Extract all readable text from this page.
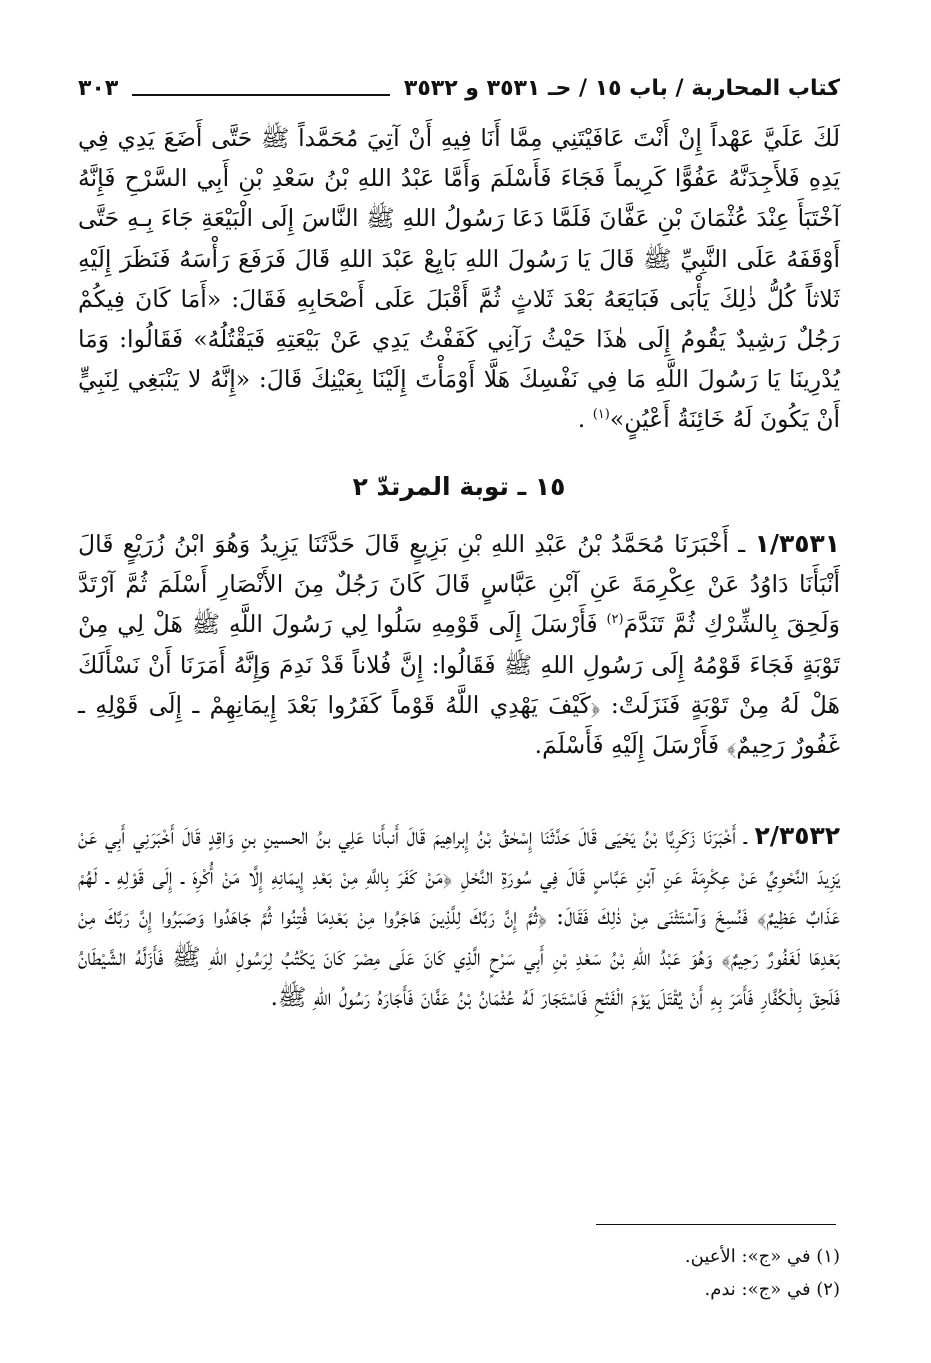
كتاب المحاربة / باب ١٥ / حـ ٣٥٣١ و ٣٥٣٢
٣٠٣

لَكَ عَلَيَّ عَهْداً إِنْ أَنْتَ عَافَيْتَنِي مِمَّا أَنَا فِيهِ أَنْ آتِيَ مُحَمَّداً ﷺ حَتَّى أَضَعَ يَدِي فِي يَدِهِ فَلأَجِدَنَّهُ عَفُوًّا كَرِيماً فَجَاءَ فَأَسْلَمَ وَأَمَّا عَبْدُ اللهِ بْنُ سَعْدِ بْنِ أَبِي السَّرْحِ فَإِنَّهُ آخْتَبَأَ عِنْدَ عُثْمَانَ بْنِ عَفَّانَ فَلَمَّا دَعَا رَسُولُ اللهِ ﷺ النَّاسَ إِلَى الْبَيْعَةِ جَاءَ بِـهِ حَتَّى أَوْقَفَهُ عَلَى النَّبِيِّ ﷺ قَالَ يَا رَسُولَ اللهِ بَايِعْ عَبْدَ اللهِ قَالَ فَرَفَعَ رَأْسَهُ فَنَظَرَ إِلَيْهِ ثَلاثاً كُلُّ ذٰلِكَ يَأْبَى فَبَايَعَهُ بَعْدَ ثَلاثٍ ثُمَّ أَقْبَلَ عَلَى أَصْحَابِهِ فَقَالَ: «أَمَا كَانَ فِيكُمْ رَجُلٌ رَشِيدٌ يَقُومُ إِلَى هٰذَا حَيْثُ رَآنِي كَفَفْتُ يَدِي عَنْ بَيْعَتِهِ فَيَقْتُلُهُ» فَقَالُوا: وَمَا يُدْرِينَا يَا رَسُولَ اللَّهِ مَا فِي نَفْسِكَ هَلَّا أَوْمَأْتَ إِلَيْنَا بِعَيْنِكَ قَالَ: «إِنَّهُ لا يَنْبَغِي لِنَبِيٍّ أَنْ يَكُونَ لَهُ خَائِنَةُ أَعْيُنٍ»$^{(١)}$ .

١٥ ـ توبة المرتدّ ٢

١/٣٥٣١ ـ أَخْبَرَنَا مُحَمَّدُ بْنُ عَبْدِ اللهِ بْنِ بَزِيعٍ قَالَ حَدَّثَنَا يَزِيدُ وَهُوَ ابْنُ زُرَيْعٍ قَالَ أَنْبَأَنَا دَاوُدُ عَنْ عِكْرِمَةَ عَنِ آبْنِ عَبَّاسٍ قَالَ كَانَ رَجُلٌ مِنَ الأَنْصَارِ أَسْلَمَ ثُمَّ آرْتَدَّ وَلَحِقَ بِالشِّرْكِ ثُمَّ تَنَدَّمَ$^{(٢)}$ فَأَرْسَلَ إِلَى قَوْمِهِ سَلُوا لِي رَسُولَ اللَّهِ ﷺ هَلْ لِي مِنْ تَوْبَةٍ فَجَاءَ قَوْمُهُ إِلَى رَسُولِ اللهِ ﷺ فَقَالُوا: إِنَّ فُلاناً قَدْ نَدِمَ وَإِنَّهُ أَمَرَنَا أَنْ نَسْأَلَكَ هَلْ لَهُ مِنْ تَوْبَةٍ فَنَزَلَتْ: ﴿كَيْفَ يَهْدِي اللَّهُ قَوْماً كَفَرُوا بَعْدَ إِيمَانِهِمْ ـ إِلَى قَوْلِهِ ـ غَفُورٌ رَحِيمٌ﴾ فَأَرْسَلَ إِلَيْهِ فَأَسْلَمَ.

٢/٣٥٣٢ ـ أَخْبَرَنَا زَكَرِيَّا بْنُ يَحْيَى قَالَ حَدَّثَنَا إِسْحٰقُ بْنُ إِبراهِيمَ قَالَ أَنبأَنا عَلِي بنُ الحسينِ بنِ وَاقِدٍ قَالَ أَخْبَرَنِي أَبِي عَنْ يَزِيدَ النَّحْوِيِّ عَنْ عِكْرِمَةَ عَنِ آبْنِ عَبَّاسٍ قَالَ فِي سُورَةِ النَّحْلِ ﴿مَنْ كَفَرَ بِاللَّهِ مِنْ بَعْدِ إِيمَانِهِ إِلَّا مَنْ أُكْرِهَ ـ إِلَى قَوْلِهِ ـ لَهُمْ عَذَابٌ عَظِيمٌ﴾ فَنُسِخَ وَآسْتَثْنَى مِنْ ذٰلِكَ فَقَالَ: ﴿ثُمَّ إِنَّ رَبَّكَ لِلَّذِينَ هَاجَرُوا مِنْ بَعْدِمَا فُتِنُوا ثُمَّ جَاهَدُوا وَصَبَرُوا إِنَّ رَبَّكَ مِنْ بَعْدِهَا لَغَفُورٌ رَحِيمٌ﴾ وَهُوَ عَبْدُ اللهِ بْنُ سَعْدِ بْنِ أَبِي سَرْحٍ الَّذِي كَانَ عَلَى مِصْرَ كَانَ يَكْتُبُ لِرَسُولِ اللهِ ﷺ فَأَزَلَّهُ الشَّيْطَانُ فَلَحِقَ بِالْكُفَّارِ فَأَمَرَ بِهِ أَنْ يُقْتَلَ يَوْمَ الْفَتْحِ فَاسْتَجَارَ لَهُ عُثْمَانُ بْنُ عَفَّانَ فَأَجَارَهُ رَسُولُ اللهِ ﷺ.

(١) في «ج»: الأعين.
(٢) في «ج»: ندم.
